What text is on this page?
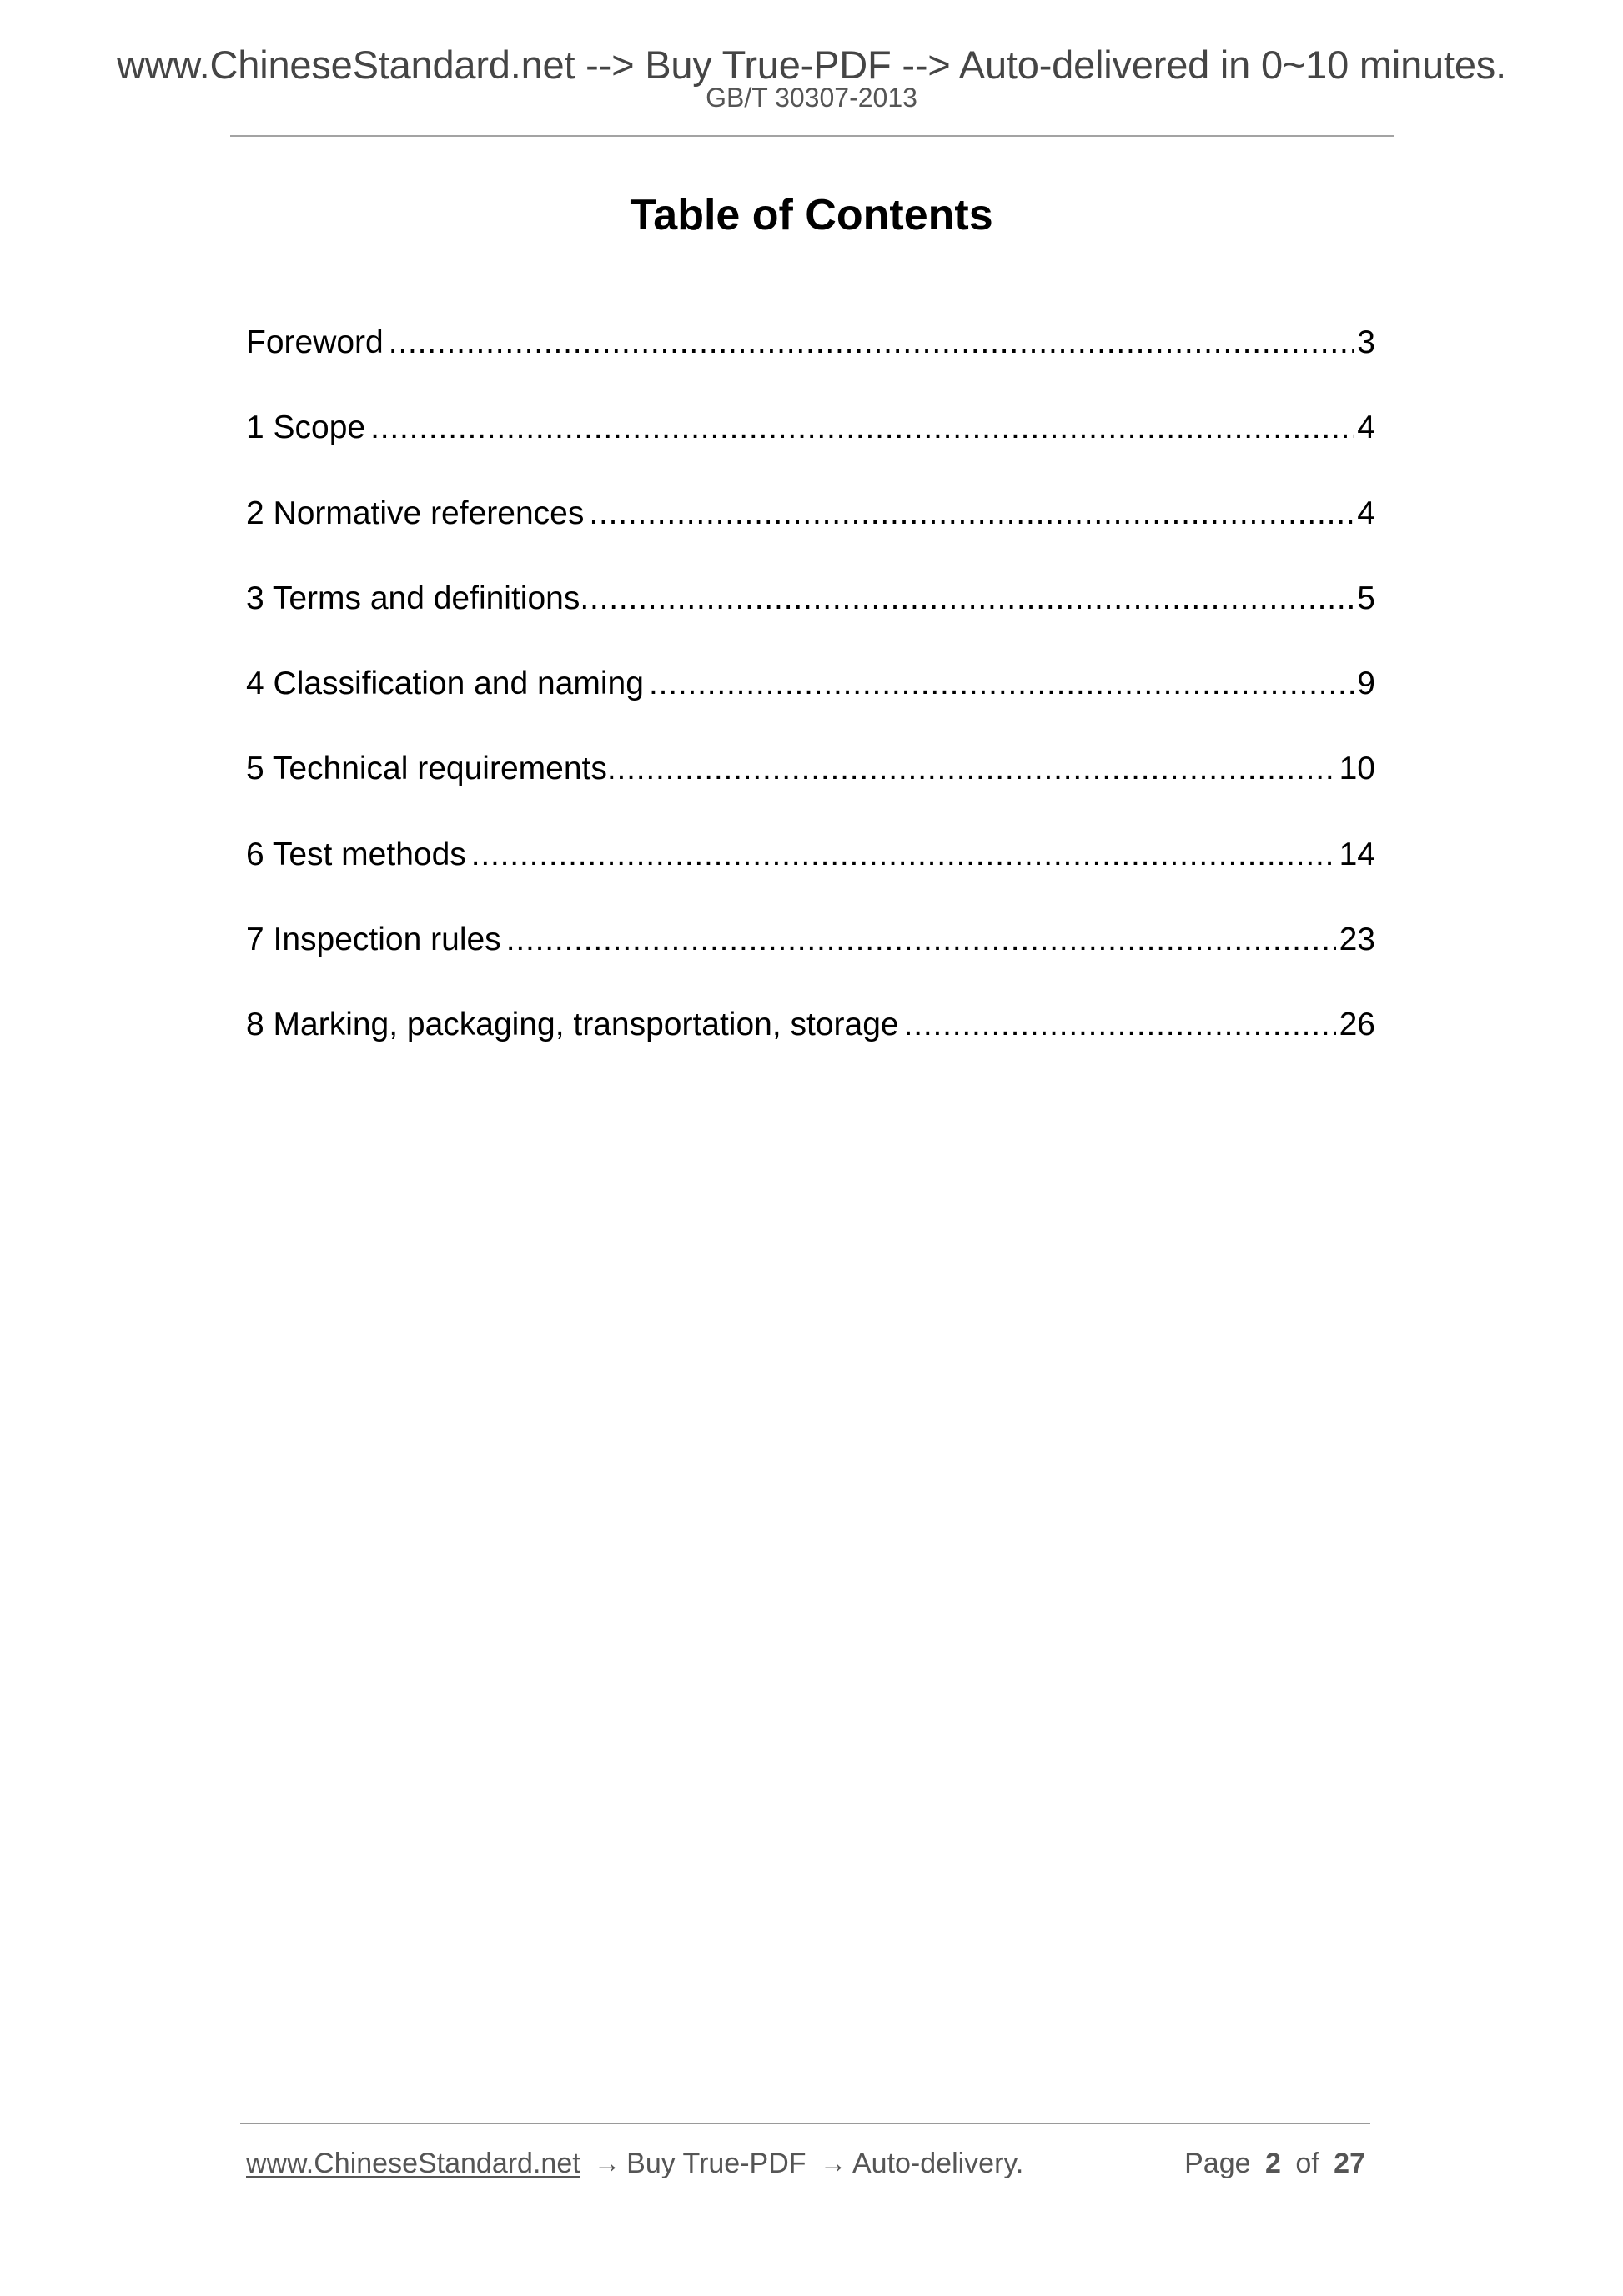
www.ChineseStandard.net --> Buy True-PDF --> Auto-delivered in 0~10 minutes.
GB/T 30307-2013
Table of Contents
Foreword .....	3
1 Scope .....	4
2 Normative references .....	4
3 Terms and definitions .....	5
4 Classification and naming .....	9
5 Technical requirements .....	10
6 Test methods .....	14
7 Inspection rules .....	23
8 Marking, packaging, transportation, storage .....	26
www.ChineseStandard.net → Buy True-PDF → Auto-delivery.	Page 2 of 27
